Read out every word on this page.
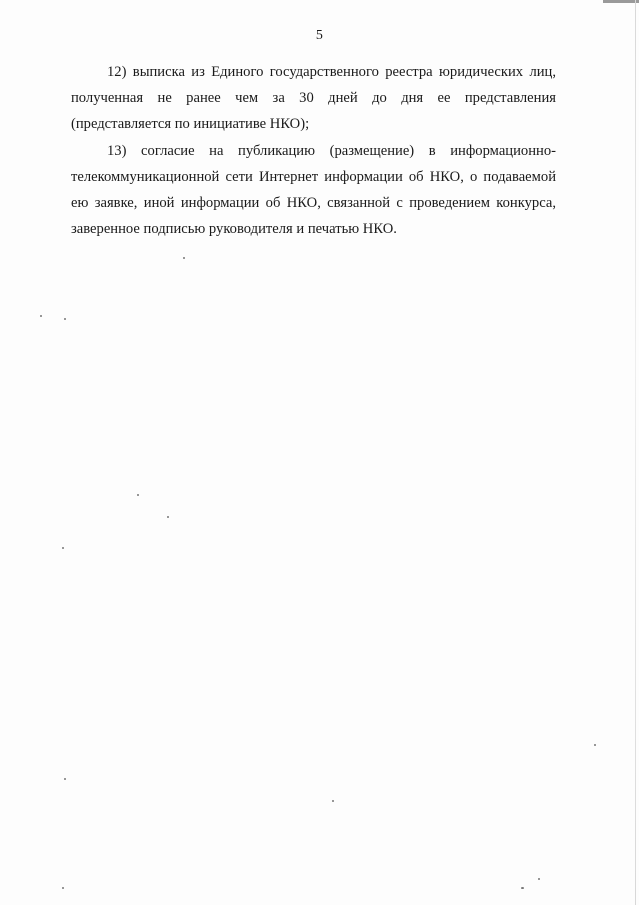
5

12) выписка из Единого государственного реестра юридических лиц,
полученная не ранее чем за 30 дней до дня ее представления
(представляется по инициативе НКО);

13) согласие на публикацию (размещение) в информационно-
телекоммуникационной сети Интернет информации об НКО, о подаваемой
ею заявке, иной информации об НКО, связанной с проведением конкурса,
заверенное подписью руководителя и печатью НКО.
